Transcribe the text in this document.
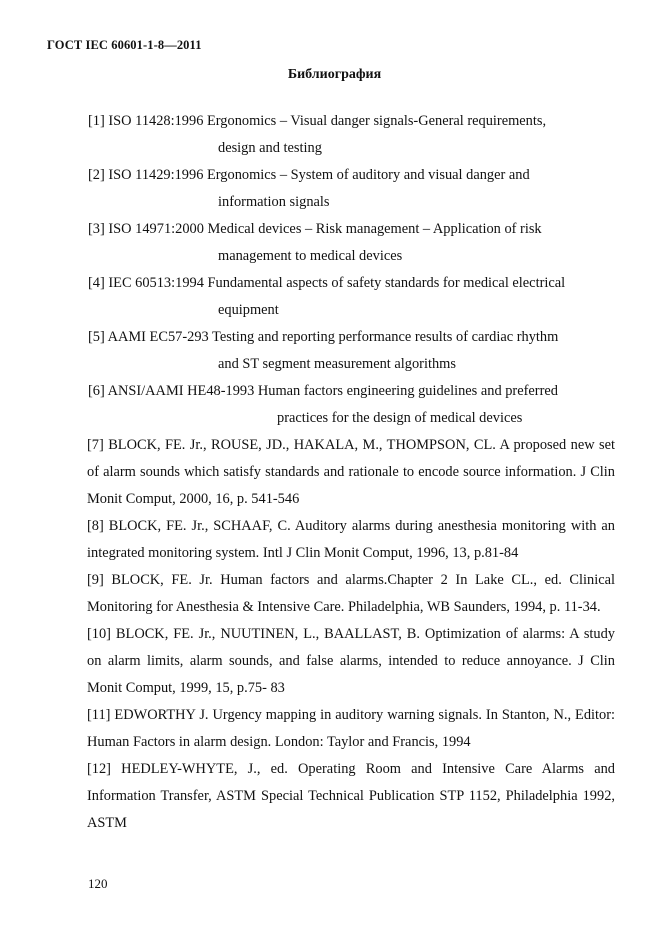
ГОСТ IEC 60601-1-8—2011
Библиография
[1] ISO 11428:1996 Ergonomics – Visual danger signals-General requirements,
design and testing
[2] ISO 11429:1996 Ergonomics – System of auditory and visual danger and
information signals
[3] ISO 14971:2000 Medical devices – Risk management – Application of risk
management to medical devices
[4] IEC 60513:1994 Fundamental aspects of safety standards for medical electrical
equipment
[5] AAMI EC57-293 Testing and reporting performance results of cardiac rhythm
and ST segment measurement algorithms
[6] ANSI/AAMI HE48-1993 Human factors engineering guidelines and preferred
practices for the design of medical devices
[7] BLOCK, FE. Jr., ROUSE, JD., HAKALA, M., THOMPSON, CL. A proposed new set of alarm sounds which satisfy standards and rationale to encode source information. J Clin Monit Comput, 2000, 16, p. 541‑546
[8] BLOCK, FE. Jr., SCHAAF, C. Auditory alarms during anesthesia monitoring with an integrated monitoring system. Intl J Clin Monit Comput, 1996, 13, p.81‑84
[9] BLOCK, FE. Jr. Human factors and alarms.Chapter 2 In Lake CL., ed. Clinical Monitoring for Anesthesia & Intensive Care. Philadelphia, WB Saunders, 1994, p. 11‑34.
[10] BLOCK, FE. Jr., NUUTINEN, L., BAALLAST, B. Optimization of alarms: A study on alarm limits, alarm sounds, and false alarms, intended to reduce annoyance. J Clin Monit Comput, 1999, 15, p.75‑ 83
[11] EDWORTHY J. Urgency mapping in auditory warning signals. In Stanton, N., Editor: Human Factors in alarm design. London: Taylor and Francis, 1994
[12] HEDLEY-WHYTE, J., ed. Operating Room and Intensive Care Alarms and Information Transfer, ASTM Special Technical Publication STP 1152, Philadelphia 1992, ASTM
120
